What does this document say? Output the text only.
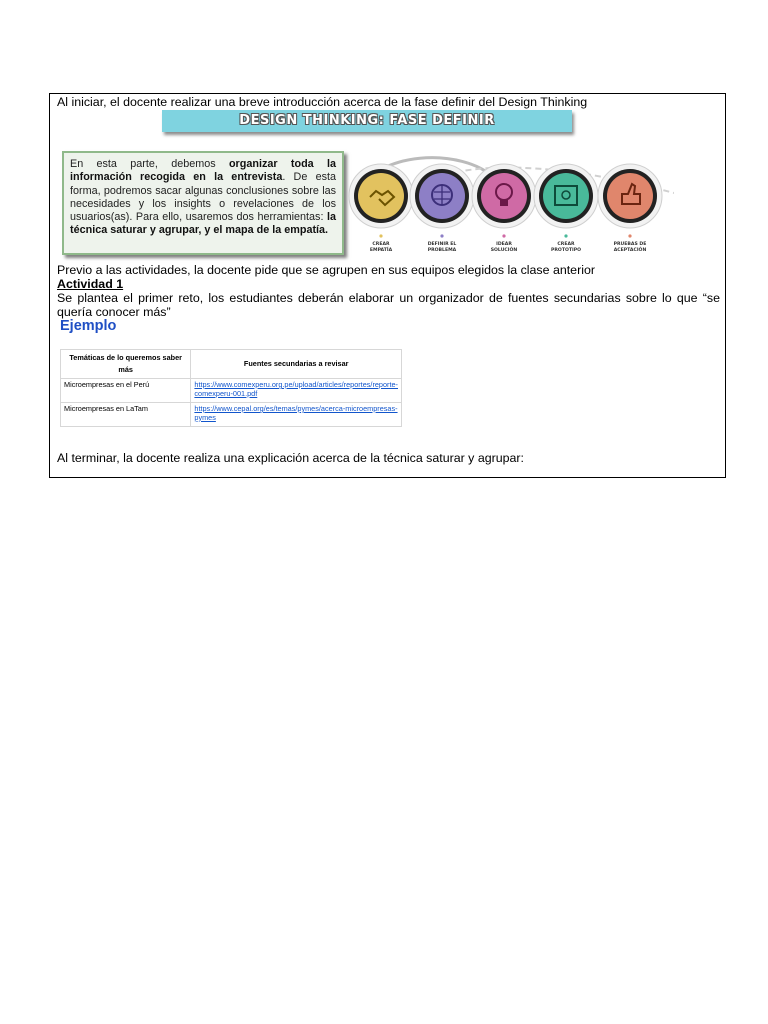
Al iniciar, el docente realizar una breve introducción acerca de la fase definir del Design Thinking

DESIGN THINKING: FASE DEFINIR
En esta parte, debemos organizar toda la información recogida en la entrevista. De esta forma, podremos sacar algunas conclusiones sobre las necesidades y los insights o revelaciones de los usuarios(as). Para ello, usaremos dos herramientas: la técnica saturar y agrupar, y el mapa de la empatía.
CREAR
EMPATÍA
DEFINIR EL
PROBLEMA
IDEAR
SOLUCIÓN
CREAR
PROTOTIPO
PRUEBAS DE
ACEPTACIÓN

Previo a las actividades, la docente pide que se agrupen en sus equipos elegidos la clase anterior

Actividad 1

Se plantea el primer reto, los estudiantes deberán elaborar un organizador de fuentes secundarias sobre lo que “se quería conocer más”

Ejemplo
Temáticas de lo queremos saber más	Fuentes secundarias a revisar
Microempresas en el Perú	https://www.comexperu.org.pe/upload/articles/reportes/reporte-comexperu-001.pdf
Microempresas en LaTam	https://www.cepal.org/es/temas/pymes/acerca-microempresas-pymes

Al terminar, la docente realiza una explicación acerca de la técnica saturar y agrupar:
